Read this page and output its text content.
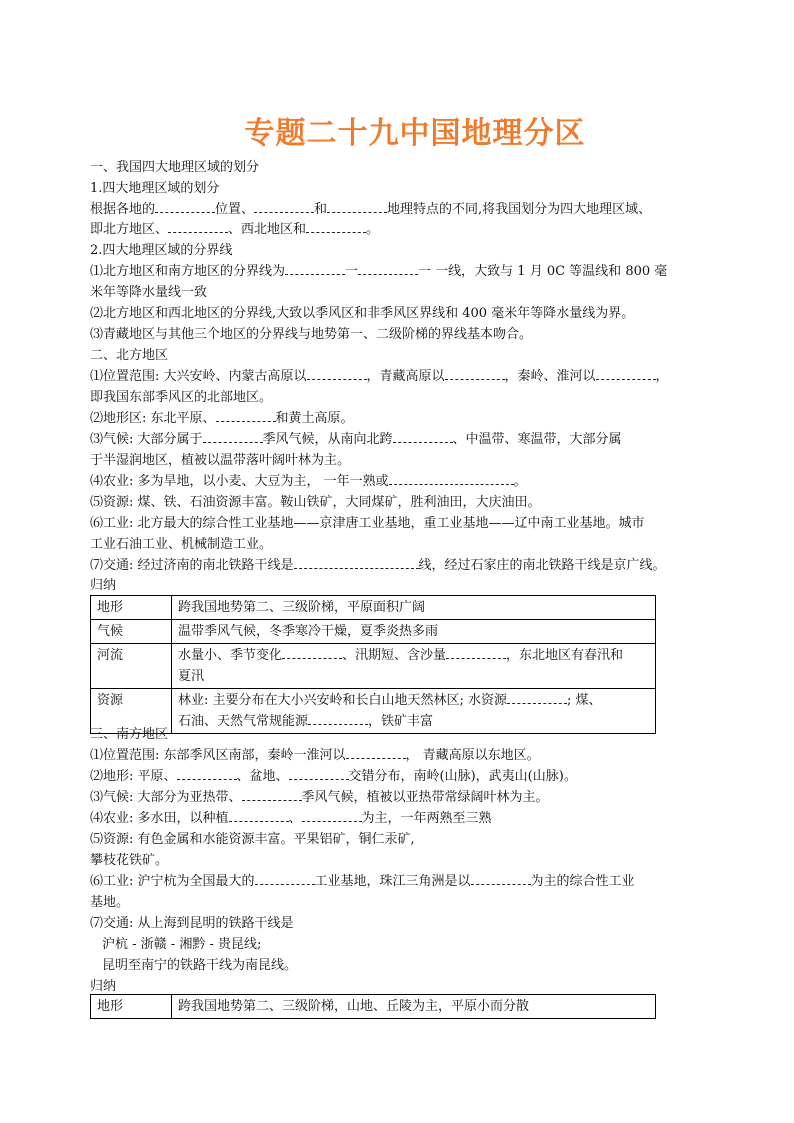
专题二十九中国地理分区
一、我国四大地理区域的划分
1.四大地理区域的划分
根据各地的	位置、	和	地理特点的不同,将我国划分为四大地理区域、
即北方地区、	、西北地区和	。
2.四大地理区域的分界线
⑴北方地区和南方地区的分界线为	一	一 一线，大致与 1 月 0C 等温线和 800 毫
米年等降水量线一致
⑵北方地区和西北地区的分界线,大致以季风区和非季风区界线和 400 毫米年等降水量线为界。
⑶青藏地区与其他三个地区的分界线与地势第一、二级阶梯的界线基本吻合。
二、北方地区
⑴位置范围: 大兴安岭、内蒙古高原以	，青藏高原以	，秦岭、淮河以	，
即我国东部季风区的北部地区。
⑵地形区: 东北平原、	和黄土高原。
⑶气候: 大部分属于	季风气候，从南向北跨	、中温带、寒温带，大部分属
于半湿润地区，植被以温带落叶阔叶林为主。
⑷农业: 多为旱地，以小麦、大豆为主， 一年一熟或	。
⑸资源: 煤、铁、石油资源丰富。鞍山铁矿，大同煤矿，胜利油田，大庆油田。
⑹工业: 北方最大的综合性工业基地——京津唐工业基地，重工业基地——辽中南工业基地。城市
工业石油工业、机械制造工业。
⑺交通: 经过济南的南北铁路干线是	线，经过石家庄的南北铁路干线是京广线。
归纳
地形	跨我国地势第二、三级阶梯，平原面积广阔
气候	温带季风气候，冬季寒冷干燥，夏季炎热多雨
河流	水量小、季节变化 、汛期短、含沙量 ，东北地区有春汛和
夏汛
资源	林业: 主要分布在大小兴安岭和长白山地天然林区; 水资源 ; 煤、
石油、天然气常规能源 ，铁矿丰富
三、南方地区
⑴位置范围: 东部季风区南部，秦岭一淮河以	， 青藏高原以东地区。
⑵地形: 平原、	、盆地、	交错分布，南岭(山脉)，武夷山(山脉)。
⑶气候: 大部分为亚热带、	季风气候，植被以亚热带常绿阔叶林为主。
⑷农业: 多水田，以种植	、	为主，一年两熟至三熟
⑸资源: 有色金属和水能资源丰富。平果铝矿，铜仁汞矿,
攀枝花铁矿。
⑹工业: 沪宁杭为全国最大的	工业基地，珠江三角洲是以	为主的综合性工业
基地。
⑺交通: 从上海到昆明的铁路干线是
沪杭 - 浙赣 - 湘黔 - 贵昆线;
昆明至南宁的铁路干线为南昆线。
归纳
地形	跨我国地势第二、三级阶梯，山地、丘陵为主，平原小而分散
